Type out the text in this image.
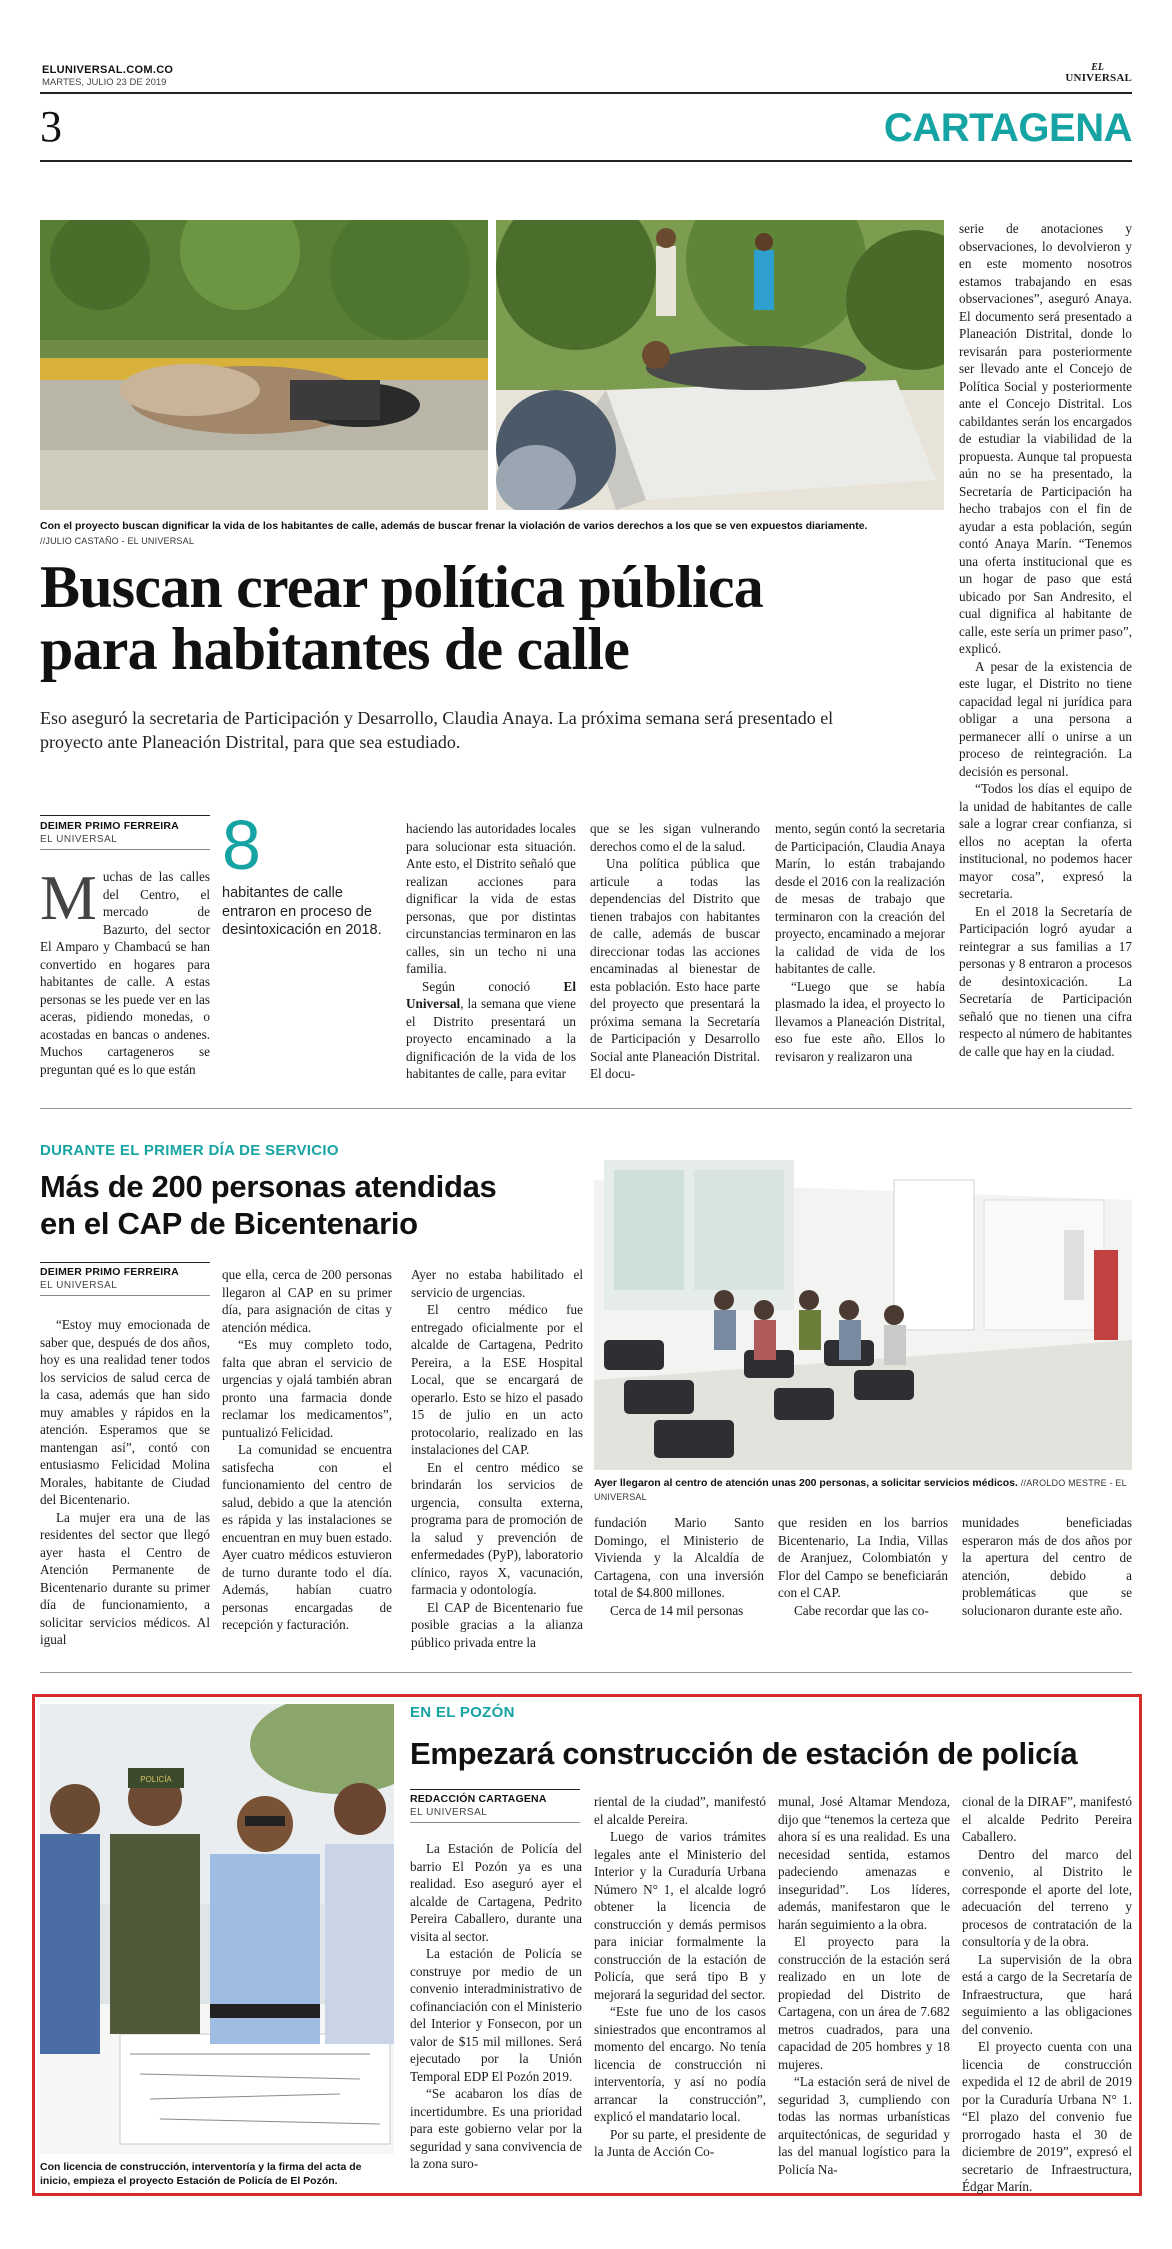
ELUNIVERSAL.COM.CO
MARTES, JULIO 23 DE 2019
EL
UNIVERSAL
3	CARTAGENA
Con el proyecto buscan dignificar la vida de los habitantes de calle, además de buscar frenar la violación de varios derechos a los que se ven expuestos diariamente.
//JULIO CASTAÑO - EL UNIVERSAL
Buscan crear política pública
para habitantes de calle
Eso aseguró la secretaria de Participación y Desarrollo, Claudia Anaya. La próxima semana será presentado el proyecto ante Planeación Distrital, para que sea estudiado.
DEIMER PRIMO FERREIRA
EL UNIVERSAL 8
habitantes de calle entraron en proceso de desintoxicación en 2018.
Muchas de las calles del Centro, el mercado de Bazurto, del sector El Amparo y Chambacú se han convertido en hogares para habitantes de calle. A estas personas se les puede ver en las aceras, pidiendo monedas, o acostadas en bancas o andenes. Muchos cartageneros se preguntan qué es lo que están

haciendo las autoridades locales para solucionar esta situación. Ante esto, el Distrito señaló que realizan acciones para dignificar la vida de estas personas, que por distintas circunstancias terminaron en las calles, sin un techo ni una familia.

Según conoció El Universal, la semana que viene el Distrito presentará un proyecto encaminado a la dignificación de la vida de los habitantes de calle, para evitar

que se les sigan vulnerando derechos como el de la salud.

Una política pública que articule a todas las dependencias del Distrito que tienen trabajos con habitantes de calle, además de buscar direccionar todas las acciones encaminadas al bienestar de esta población. Esto hace parte del proyecto que presentará la próxima semana la Secretaría de Participación y Desarrollo Social ante Planeación Distrital. El docu-

mento, según contó la secretaria de Participación, Claudia Anaya Marín, lo están trabajando desde el 2016 con la realización de mesas de trabajo que terminaron con la creación del proyecto, encaminado a mejorar la calidad de vida de los habitantes de calle.

“Luego que se había plasmado la idea, el proyecto lo llevamos a Planeación Distrital, eso fue este año. Ellos lo revisaron y realizaron una

serie de anotaciones y observaciones, lo devolvieron y en este momento nosotros estamos trabajando en esas observaciones”, aseguró Anaya. El documento será presentado a Planeación Distrital, donde lo revisarán para posteriormente ser llevado ante el Concejo de Política Social y posteriormente ante el Concejo Distrital. Los cabildantes serán los encargados de estudiar la viabilidad de la propuesta. Aunque tal propuesta aún no se ha presentado, la Secretaría de Participación ha hecho trabajos con el fin de ayudar a esta población, según contó Anaya Marín. “Tenemos una oferta institucional que es un hogar de paso que está ubicado por San Andresito, el cual dignifica al habitante de calle, este sería un primer paso”, explicó.

A pesar de la existencia de este lugar, el Distrito no tiene capacidad legal ni jurídica para obligar a una persona a permanecer allí o unirse a un proceso de reintegración. La decisión es personal.

“Todos los días el equipo de la unidad de habitantes de calle sale a lograr crear confianza, si ellos no aceptan la oferta institucional, no podemos hacer mayor cosa”, expresó la secretaria.

En el 2018 la Secretaría de Participación logró ayudar a reintegrar a sus familias a 17 personas y 8 entraron a procesos de desintoxicación. La Secretaría de Participación señaló que no tienen una cifra respecto al número de habitantes de calle que hay en la ciudad.

DURANTE EL PRIMER DÍA DE SERVICIO
Más de 200 personas atendidas
en el CAP de Bicentenario
DEIMER PRIMO FERREIRA
EL UNIVERSAL

“Estoy muy emocionada de saber que, después de dos años, hoy es una realidad tener todos los servicios de salud cerca de la casa, además que han sido muy amables y rápidos en la atención. Esperamos que se mantengan así”, contó con entusiasmo Felicidad Molina Morales, habitante de Ciudad del Bicentenario.

La mujer era una de las residentes del sector que llegó ayer hasta el Centro de Atención Permanente de Bicentenario durante su primer día de funcionamiento, a solicitar servicios médicos. Al igual

que ella, cerca de 200 personas llegaron al CAP en su primer día, para asignación de citas y atención médica.

“Es muy completo todo, falta que abran el servicio de urgencias y ojalá también abran pronto una farmacia donde reclamar los medicamentos”, puntualizó Felicidad.

La comunidad se encuentra satisfecha con el funcionamiento del centro de salud, debido a que la atención es rápida y las instalaciones se encuentran en muy buen estado. Ayer cuatro médicos estuvieron de turno durante todo el día. Además, habían cuatro personas encargadas de recepción y facturación.

Ayer no estaba habilitado el servicio de urgencias.

El centro médico fue entregado oficialmente por el alcalde de Cartagena, Pedrito Pereira, a la ESE Hospital Local, que se encargará de operarlo. Esto se hizo el pasado 15 de julio en un acto protocolario, realizado en las instalaciones del CAP.

En el centro médico se brindarán los servicios de urgencia, consulta externa, programa para de promoción de la salud y prevención de enfermedades (PyP), laboratorio clínico, rayos X, vacunación, farmacia y odontología.

El CAP de Bicentenario fue posible gracias a la alianza público privada entre la

Ayer llegaron al centro de atención unas 200 personas, a solicitar servicios médicos. //AROLDO MESTRE - EL UNIVERSAL

fundación Mario Santo Domingo, el Ministerio de Vivienda y la Alcaldía de Cartagena, con una inversión total de $4.800 millones.

Cerca de 14 mil personas

que residen en los barrios Bicentenario, La India, Villas de Aranjuez, Colombiatón y Flor del Campo se beneficiarán con el CAP.

Cabe recordar que las co-

munidades beneficiadas esperaron más de dos años por la apertura del centro de atención, debido a problemáticas que se solucionaron durante este año.

POLICÍA
Con licencia de construcción, interventoría y la firma del acta de inicio, empieza el proyecto Estación de Policía de El Pozón.
EN EL POZÓN
Empezará construcción de estación de policía
REDACCIÓN CARTAGENA
EL UNIVERSAL

La Estación de Policía del barrio El Pozón ya es una realidad. Eso aseguró ayer el alcalde de Cartagena, Pedrito Pereira Caballero, durante una visita al sector.

La estación de Policía se construye por medio de un convenio interadministrativo de cofinanciación con el Ministerio del Interior y Fonsecon, por un valor de $15 mil millones. Será ejecutado por la Unión Temporal EDP El Pozón 2019.

“Se acabaron los días de incertidumbre. Es una prioridad para este gobierno velar por la seguridad y sana convivencia de la zona suro-

riental de la ciudad”, manifestó el alcalde Pereira.

Luego de varios trámites legales ante el Ministerio del Interior y la Curaduría Urbana Número N° 1, el alcalde logró obtener la licencia de construcción y demás permisos para iniciar formalmente la construcción de la estación de Policía, que será tipo B y mejorará la seguridad del sector.

“Este fue uno de los casos siniestrados que encontramos al momento del encargo. No tenía licencia de construcción ni interventoría, y así no podía arrancar la construcción”, explicó el mandatario local.

Por su parte, el presidente de la Junta de Acción Co-

munal, José Altamar Mendoza, dijo que “tenemos la certeza que ahora sí es una realidad. Es una necesidad sentida, estamos padeciendo amenazas e inseguridad”. Los líderes, además, manifestaron que le harán seguimiento a la obra.

El proyecto para la construcción de la estación será realizado en un lote de propiedad del Distrito de Cartagena, con un área de 7.682 metros cuadrados, para una capacidad de 205 hombres y 18 mujeres.

“La estación será de nivel de seguridad 3, cumpliendo con todas las normas urbanísticas arquitectónicas, de seguridad y las del manual logístico para la Policía Na-

cional de la DIRAF”, manifestó el alcalde Pedrito Pereira Caballero.

Dentro del marco del convenio, al Distrito le corresponde el aporte del lote, adecuación del terreno y procesos de contratación de la consultoría y de la obra.

La supervisión de la obra está a cargo de la Secretaría de Infraestructura, que hará seguimiento a las obligaciones del convenio.

El proyecto cuenta con una licencia de construcción expedida el 12 de abril de 2019 por la Curaduría Urbana N° 1. “El plazo del convenio fue prorrogado hasta el 30 de diciembre de 2019”, expresó el secretario de Infraestructura, Édgar Marín.
